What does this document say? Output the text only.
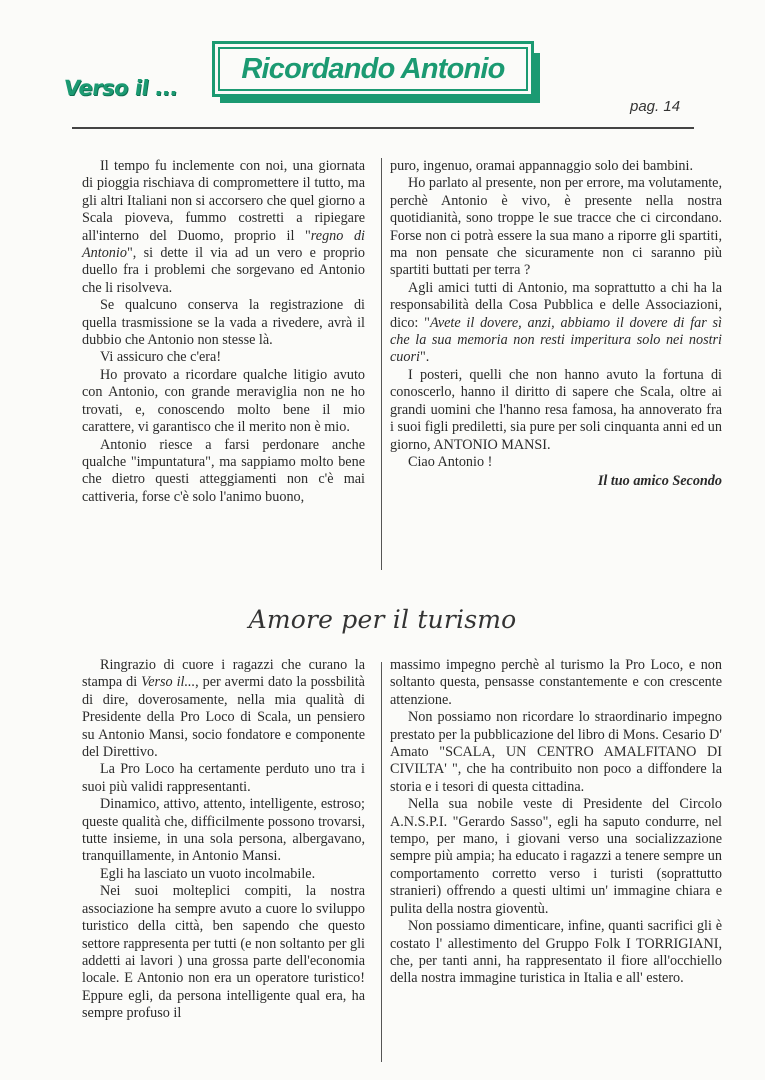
Verso il ...
Ricordando Antonio
pag. 14

Il tempo fu inclemente con noi, una giornata di pioggia rischiava di compromettere il tutto, ma gli altri Italiani non si accorsero che quel giorno a Scala pioveva, fummo costretti a ripiegare all'interno del Duomo, proprio il "regno di Antonio", si dette il via ad un vero e proprio duello fra i problemi che sorgevano ed Antonio che li risolveva.

Se qualcuno conserva la registrazione di quella trasmissione se la vada a rivedere, avrà il dubbio che Antonio non stesse là.

Vi assicuro che c'era!

Ho provato a ricordare qualche litigio avuto con Antonio, con grande meraviglia non ne ho trovati, e, conoscendo molto bene il mio carattere, vi garantisco che il merito non è mio.

Antonio riesce a farsi perdonare anche qualche "impuntatura", ma sappiamo molto bene che dietro questi atteggiamenti non c'è mai cattiveria, forse c'è solo l'animo buono,

puro, ingenuo, oramai appannaggio solo dei bambini.

Ho parlato al presente, non per errore, ma volutamente, perchè Antonio è vivo, è presente nella nostra quotidianità, sono troppe le sue tracce che ci circondano. Forse non ci potrà essere la sua mano a riporre gli spartiti, ma non pensate che sicuramente non ci saranno più spartiti buttati per terra ?

Agli amici tutti di Antonio, ma soprattutto a chi ha la responsabilità della Cosa Pubblica e delle Associazioni, dico: "Avete il dovere, anzi, abbiamo il dovere di far sì che la sua memoria non resti imperitura solo nei nostri cuori".

I posteri, quelli che non hanno avuto la fortuna di conoscerlo, hanno il diritto di sapere che Scala, oltre ai grandi uomini che l'hanno resa famosa, ha annoverato fra i suoi figli prediletti, sia pure per soli cinquanta anni ed un giorno, ANTONIO MANSI.

Ciao Antonio !

Il tuo amico Secondo

Amore per il turismo

Ringrazio di cuore i ragazzi che curano la stampa di Verso il..., per avermi dato la possbilità di dire, doverosamente, nella mia qualità di Presidente della Pro Loco di Scala, un pensiero su Antonio Mansi, socio fondatore e componente del Direttivo.

La Pro Loco ha certamente perduto uno tra i suoi più validi rappresentanti.

Dinamico, attivo, attento, intelligente, estroso; queste qualità che, difficilmente possono trovarsi, tutte insieme, in una sola persona, albergavano, tranquillamente, in Antonio Mansi.

Egli ha lasciato un vuoto incolmabile.

Nei suoi molteplici compiti, la nostra associazione ha sempre avuto a cuore lo sviluppo turistico della città, ben sapendo che questo settore rappresenta per tutti (e non soltanto per gli addetti ai lavori ) una grossa parte dell'economia locale. E Antonio non era un operatore turistico! Eppure egli, da persona intelligente qual era, ha sempre profuso il

massimo impegno perchè al turismo la Pro Loco, e non soltanto questa, pensasse constantemente e con crescente attenzione.

Non possiamo non ricordare lo straordinario impegno prestato per la pubblicazione del libro di Mons. Cesario D' Amato "SCALA, UN CENTRO AMALFITANO DI CIVILTA' ", che ha contribuito non poco a diffondere la storia e i tesori di questa cittadina.

Nella sua nobile veste di Presidente del Circolo A.N.S.P.I. "Gerardo Sasso", egli ha saputo condurre, nel tempo, per mano, i giovani verso una socializzazione sempre più ampia; ha educato i ragazzi a tenere sempre un comportamento corretto verso i turisti (soprattutto stranieri) offrendo a questi ultimi un' immagine chiara e pulita della nostra gioventù.

Non possiamo dimenticare, infine, quanti sacrifici gli è costato l' allestimento del Gruppo Folk I TORRIGIANI, che, per tanti anni, ha rappresentato il fiore all'occhiello della nostra immagine turistica in Italia e all' estero.
